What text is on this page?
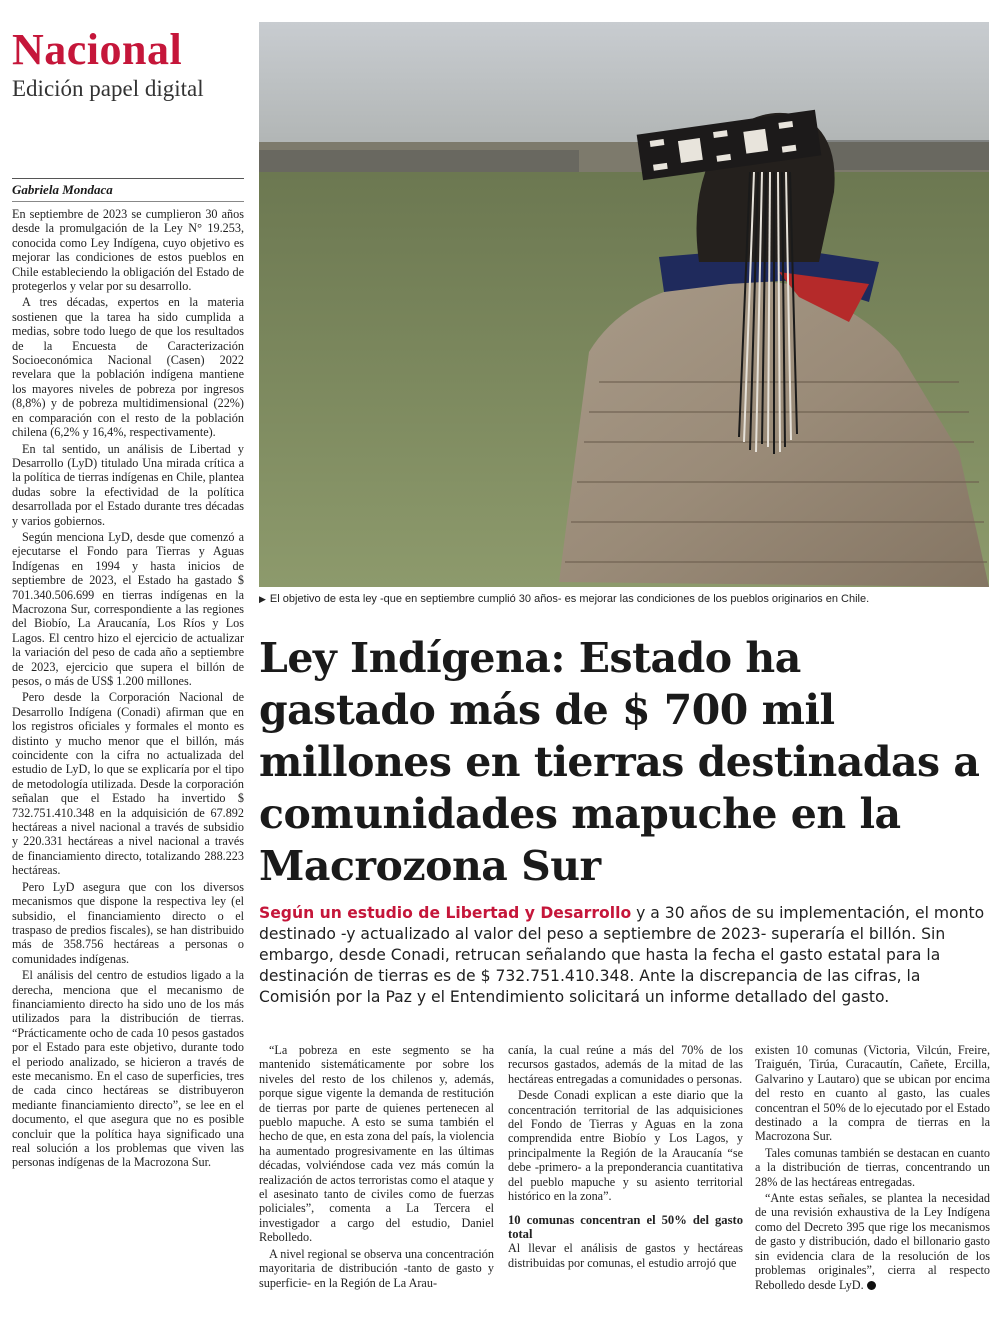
Nacional
Edición papel digital
Gabriela Mondaca

En septiembre de 2023 se cumplieron 30 años desde la promulgación de la Ley N° 19.253, conocida como Ley Indígena, cuyo objetivo es mejorar las condiciones de estos pueblos en Chile estableciendo la obligación del Estado de protegerlos y velar por su desarrollo.

A tres décadas, expertos en la materia sostienen que la tarea ha sido cumplida a medias, sobre todo luego de que los resultados de la Encuesta de Caracterización Socioeconómica Nacional (Casen) 2022 revelara que la población indígena mantiene los mayores niveles de pobreza por ingresos (8,8%) y de pobreza multidimensional (22%) en comparación con el resto de la población chilena (6,2% y 16,4%, respectivamente).

En tal sentido, un análisis de Libertad y Desarrollo (LyD) titulado Una mirada crítica a la política de tierras indígenas en Chile, plantea dudas sobre la efectividad de la política desarrollada por el Estado durante tres décadas y varios gobiernos.

Según menciona LyD, desde que comenzó a ejecutarse el Fondo para Tierras y Aguas Indígenas en 1994 y hasta inicios de septiembre de 2023, el Estado ha gastado $ 701.340.506.699 en tierras indígenas en la Macrozona Sur, correspondiente a las regiones del Biobío, La Araucanía, Los Ríos y Los Lagos. El centro hizo el ejercicio de actualizar la variación del peso de cada año a septiembre de 2023, ejercicio que supera el billón de pesos, o más de US$ 1.200 millones.

Pero desde la Corporación Nacional de Desarrollo Indígena (Conadi) afirman que en los registros oficiales y formales el monto es distinto y mucho menor que el billón, más coincidente con la cifra no actualizada del estudio de LyD, lo que se explicaría por el tipo de metodología utilizada. Desde la corporación señalan que el Estado ha invertido $ 732.751.410.348 en la adquisición de 67.892 hectáreas a nivel nacional a través de subsidio y 220.331 hectáreas a nivel nacional a través de financiamiento directo, totalizando 288.223 hectáreas.

Pero LyD asegura que con los diversos mecanismos que dispone la respectiva ley (el subsidio, el financiamiento directo o el traspaso de predios fiscales), se han distribuido más de 358.756 hectáreas a personas o comunidades indígenas.

El análisis del centro de estudios ligado a la derecha, menciona que el mecanismo de financiamiento directo ha sido uno de los más utilizados para la distribución de tierras. “Prácticamente ocho de cada 10 pesos gastados por el Estado para este objetivo, durante todo el periodo analizado, se hicieron a través de este mecanismo. En el caso de superficies, tres de cada cinco hectáreas se distribuyeron mediante financiamiento directo”, se lee en el documento, el que asegura que no es posible concluir que la política haya significado una real solución a los problemas que viven las personas indígenas de la Macrozona Sur.

▶ El objetivo de esta ley -que en septiembre cumplió 30 años- es mejorar las condiciones de los pueblos originarios en Chile.
Ley Indígena: Estado ha gastado más de $ 700 mil millones en tierras destinadas a comunidades mapuche en la Macrozona Sur

Según un estudio de Libertad y Desarrollo y a 30 años de su implementación, el monto destinado -y actualizado al valor del peso a septiembre de 2023- superaría el billón. Sin embargo, desde Conadi, retrucan señalando que hasta la fecha el gasto estatal para la destinación de tierras es de $ 732.751.410.348. Ante la discrepancia de las cifras, la Comisión por la Paz y el Entendimiento solicitará un informe detallado del gasto.

“La pobreza en este segmento se ha mantenido sistemáticamente por sobre los niveles del resto de los chilenos y, además, porque sigue vigente la demanda de restitución de tierras por parte de quienes pertenecen al pueblo mapuche. A esto se suma también el hecho de que, en esta zona del país, la violencia ha aumentado progresivamente en las últimas décadas, volviéndose cada vez más común la realización de actos terroristas como el ataque y el asesinato tanto de civiles como de fuerzas policiales”, comenta a La Tercera el investigador a cargo del estudio, Daniel Rebolledo.

A nivel regional se observa una concentración mayoritaria de distribución -tanto de gasto y superficie- en la Región de La Arau-

canía, la cual reúne a más del 70% de los recursos gastados, además de la mitad de las hectáreas entregadas a comunidades o personas.

Desde Conadi explican a este diario que la concentración territorial de las adquisiciones del Fondo de Tierras y Aguas en la zona comprendida entre Biobío y Los Lagos, y principalmente la Región de la Araucanía “se debe -primero- a la preponderancia cuantitativa del pueblo mapuche y su asiento territorial histórico en la zona”.

10 comunas concentran el 50% del gasto total

Al llevar el análisis de gastos y hectáreas distribuidas por comunas, el estudio arrojó que

existen 10 comunas (Victoria, Vilcún, Freire, Traiguén, Tirúa, Curacautín, Cañete, Ercilla, Galvarino y Lautaro) que se ubican por encima del resto en cuanto al gasto, las cuales concentran el 50% de lo ejecutado por el Estado destinado a la compra de tierras en la Macrozona Sur.

Tales comunas también se destacan en cuanto a la distribución de tierras, concentrando un 28% de las hectáreas entregadas.

“Ante estas señales, se plantea la necesidad de una revisión exhaustiva de la Ley Indígena como del Decreto 395 que rige los mecanismos de gasto y distribución, dado el billonario gasto sin evidencia clara de la resolución de los problemas originales”, cierra al respecto Rebolledo desde LyD.
